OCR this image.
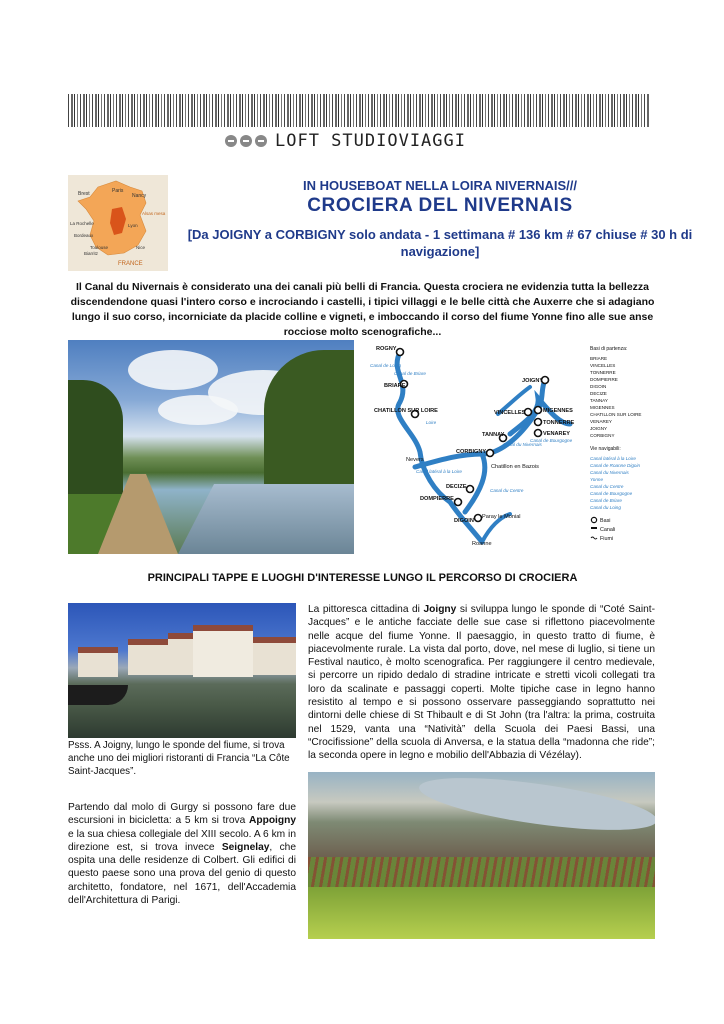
LOFT STUDIOVIAGGI
Brest	Paris
Nancy
La Rochelle
Bordeaux
Lyon
Toulouse	Nice
Biarritz
Alsas mesa
FRANCE
IN HOUSEBOAT NELLA LOIRA NIVERNAIS///
CROCIERA DEL NIVERNAIS
[Da JOIGNY a CORBIGNY solo andata - 1 settimana # 136 km # 67 chiuse # 30 h di navigazione]
Il Canal du Nivernais è considerato una dei canali più belli di Francia. Questa crociera ne evidenzia tutta la bellezza discendendone quasi l'intero corso e incrociando i castelli, i tipici villaggi e le belle città che Auxerre che si adagiano lungo il suo corso, incorniciate da placide colline e vigneti, e imboccando il corso del fiume Yonne fino alle sue anse rocciose molto scenografiche...
ROGNY
BRIARE
CHATILLON SUR LOIRE
JOIGNY
VINCELLES	MIGENNES
TONNERRE
TANNAY	VENAREY
Nevers
CORBIGNY
Chatillon en Bazois
DECIZE
DOMPIERRE
DIGOIN
Paray le Monial
Roanne
Canal de Loing
Canal de Briare
Loire
Canal du Nivernais
Canal de Bourgogne
Canal latéral à la Loire
Canal du Centre
Basi di partenza:
BRIARE
VINCELLES
TONNERRE
DOMPIERRE
DIGOIN
DECIZE
TANNAY
MIGENNES
CHATILLON SUR LOIRE
VENAREY
JOIGNY
CORBIGNY
Vie navigabili:
Canal latéral à la Loire
Canal de Roanne Digoin
Canal du Nivernais
Yonne
Canal du Centre
Canal de Bourgogne
Canal de Briare
Canal du Loing
Basi
Canali
Fiumi
PRINCIPALI TAPPE E LUOGHI D'INTERESSE LUNGO IL PERCORSO DI CROCIERA
Psss. A Joigny, lungo le sponde del fiume, si trova anche uno dei migliori ristoranti di Francia “La Côte Saint-Jacques”.
La pittoresca cittadina di Joigny si sviluppa lungo le sponde di “Coté Saint-Jacques” e le antiche facciate delle sue case si riflettono piacevolmente nelle acque del fiume Yonne. Il paesaggio, in questo tratto di fiume, è piacevolmente rurale. La vista dal porto, dove, nel mese di luglio, si tiene un Festival nautico, è molto scenografica. Per raggiungere il centro medievale, si percorre un ripido dedalo di stradine intricate e stretti vicoli collegati tra loro da scalinate e passaggi coperti. Molte tipiche case in legno hanno resistito al tempo e si possono osservare passeggiando soprattutto nei dintorni delle chiese di St Thibault e di St John (tra l'altra: la prima, costruita nel 1529, vanta una “Natività” della Scuola dei Paesi Bassi, una “Crocifissione” della scuola di Anversa, e la statua della “madonna che ride”; la seconda opere in legno e mobilio dell'Abbazia di Vézélay).
Partendo dal molo di Gurgy si possono fare due escursioni in bicicletta: a 5 km si trova Appoigny e la sua chiesa collegiale del XIII secolo. A 6 km in direzione est, si trova invece Seignelay, che ospita una delle residenze di Colbert. Gli edifici di questo paese sono una prova del genio di questo architetto, fondatore, nel 1671, dell'Accademia dell'Architettura di Parigi.
